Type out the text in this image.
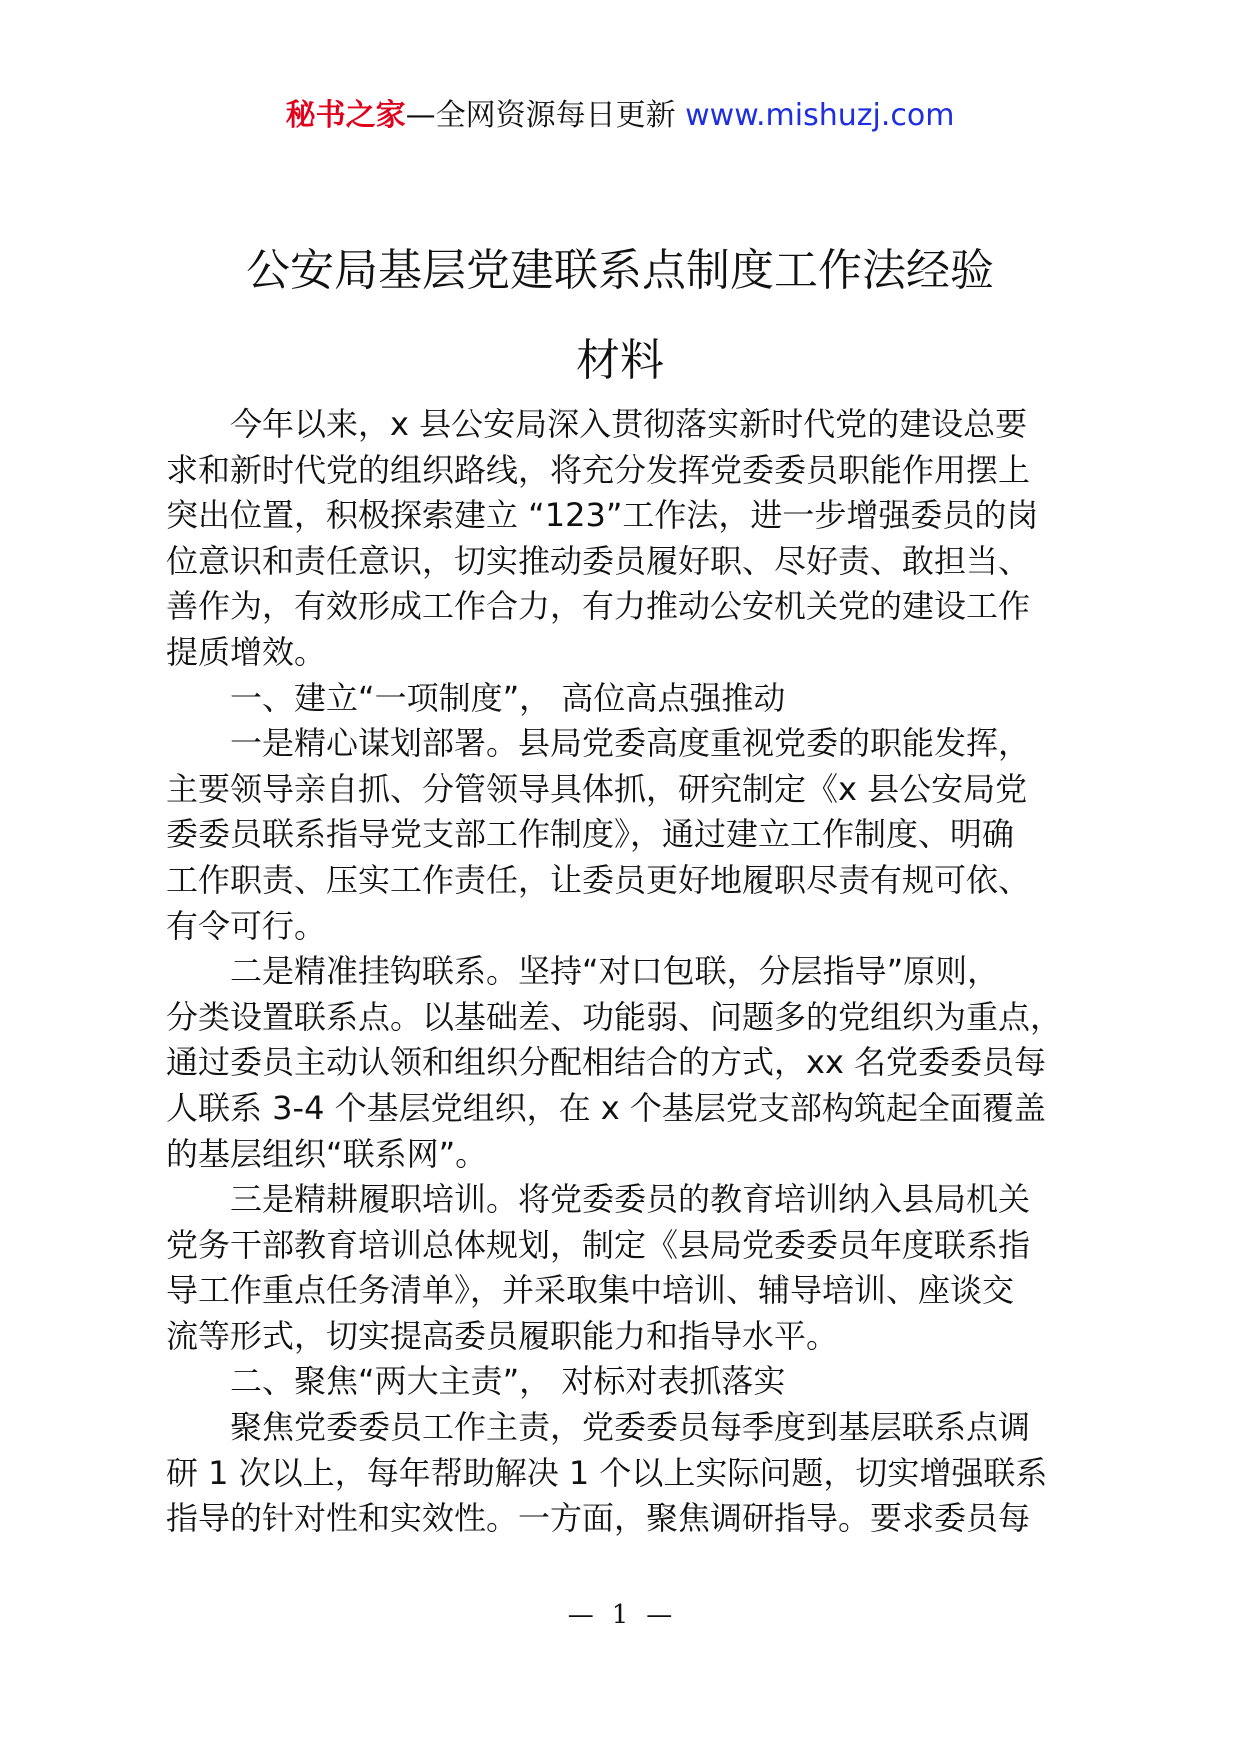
秘书之家—全网资源每日更新 www.mishuzj.com
公安局基层党建联系点制度工作法经验
材料
今年以来，x 县公安局深入贯彻落实新时代党的建设总要
求和新时代党的组织路线，将充分发挥党委委员职能作用摆上
突出位置，积极探索建立 “123”工作法，进一步增强委员的岗
位意识和责任意识，切实推动委员履好职、尽好责、敢担当、
善作为，有效形成工作合力，有力推动公安机关党的建设工作
提质增效。
一、建立“一项制度”， 高位高点强推动
一是精心谋划部署。县局党委高度重视党委的职能发挥，
主要领导亲自抓、分管领导具体抓，研究制定《x 县公安局党
委委员联系指导党支部工作制度》，通过建立工作制度、明确
工作职责、压实工作责任，让委员更好地履职尽责有规可依、
有令可行。
二是精准挂钩联系。坚持“对口包联，分层指导”原则，
分类设置联系点。以基础差、功能弱、问题多的党组织为重点，
通过委员主动认领和组织分配相结合的方式，xx 名党委委员每
人联系 3-4 个基层党组织，在 x 个基层党支部构筑起全面覆盖
的基层组织“联系网”。
三是精耕履职培训。将党委委员的教育培训纳入县局机关
党务干部教育培训总体规划，制定《县局党委委员年度联系指
导工作重点任务清单》，并采取集中培训、辅导培训、座谈交
流等形式，切实提高委员履职能力和指导水平。
二、聚焦“两大主责”， 对标对表抓落实
聚焦党委委员工作主责，党委委员每季度到基层联系点调
研 1 次以上，每年帮助解决 1 个以上实际问题，切实增强联系
指导的针对性和实效性。一方面，聚焦调研指导。要求委员每
— 1 —
